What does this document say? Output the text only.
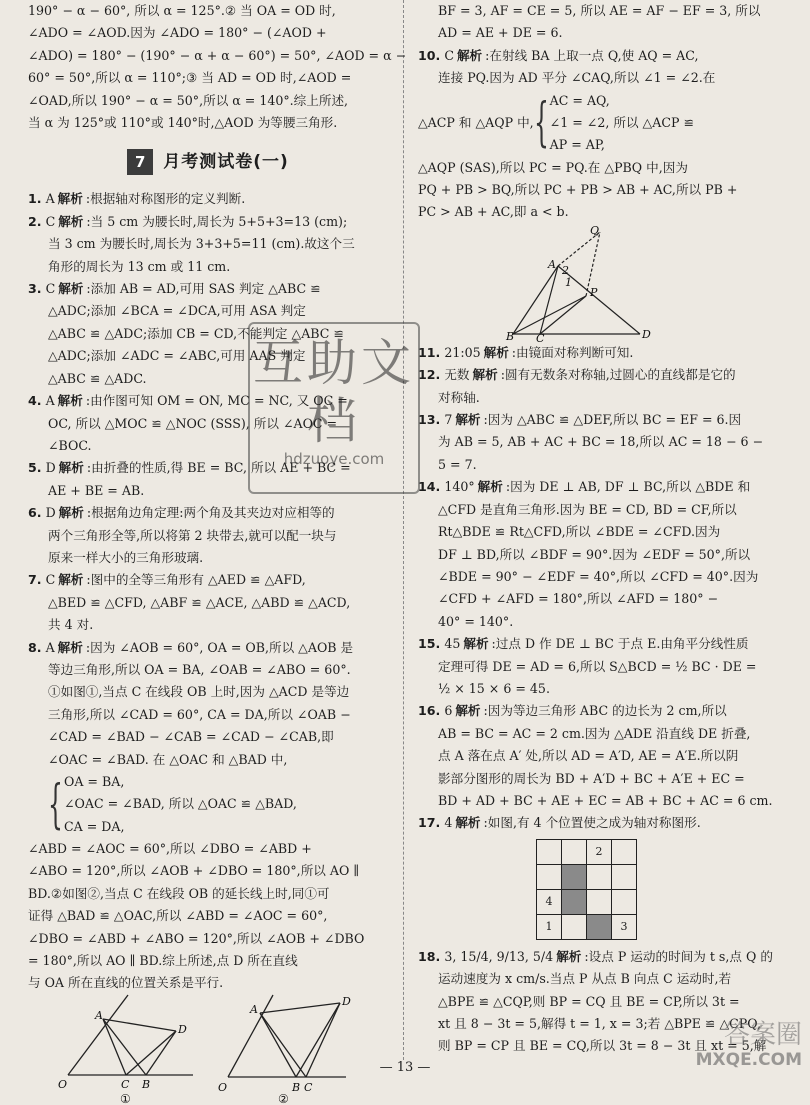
190° − α − 60°, 所以 α = 125°.② 当 OA = OD 时,
∠ADO = ∠AOD.因为 ∠ADO = 180° − (∠AOD +
∠ADO) = 180° − (190° − α + α − 60°) = 50°, ∠AOD = α −
60° = 50°,所以 α = 110°;③ 当 AD = OD 时,∠AOD =
∠OAD,所以 190° − α = 50°,所以 α = 140°.综上所述,
当 α 为 125°或 110°或 140°时,△AOD 为等腰三角形.
7	月考测试卷(一)
1. A 解析 :根据轴对称图形的定义判断.
2. C 解析 :当 5 cm 为腰长时,周长为 5+5+3=13 (cm);
当 3 cm 为腰长时,周长为 3+3+5=11 (cm).故这个三
角形的周长为 13 cm 或 11 cm.
3. C 解析 :添加 AB = AD,可用 SAS 判定 △ABC ≌
△ADC;添加 ∠BCA = ∠DCA,可用 ASA 判定
△ABC ≌ △ADC;添加 CB = CD,不能判定 △ABC ≌
△ADC;添加 ∠ADC = ∠ABC,可用 AAS 判定
△ABC ≌ △ADC.
4. A 解析 :由作图可知 OM = ON, MC = NC, 又 OC =
OC, 所以 △MOC ≌ △NOC (SSS), 所以 ∠AOC =
∠BOC.
5. D 解析 :由折叠的性质,得 BE = BC, 所以 AE + BC =
AE + BE = AB.
6. D 解析 :根据角边角定理:两个角及其夹边对应相等的
两个三角形全等,所以将第 2 块带去,就可以配一块与
原来一样大小的三角形玻璃.
7. C 解析 :图中的全等三角形有 △AED ≌ △AFD,
△BED ≌ △CFD, △ABF ≌ △ACE, △ABD ≌ △ACD,
共 4 对.
8. A 解析 :因为 ∠AOB = 60°, OA = OB,所以 △AOB 是
等边三角形,所以 OA = BA, ∠OAB = ∠ABO = 60°.
①如图①,当点 C 在线段 OB 上时,因为 △ACD 是等边
三角形,所以 ∠CAD = 60°, CA = DA,所以 ∠OAB −
∠CAD = ∠BAD − ∠CAB = ∠CAD − ∠CAB,即
∠OAC = ∠BAD. 在 △OAC 和 △BAD 中,
{ OA = BA,
∠OAC = ∠BAD, 所以 △OAC ≌ △BAD,
CA = DA,
∠ABD = ∠AOC = 60°,所以 ∠DBO = ∠ABD +
∠ABO = 120°,所以 ∠AOB + ∠DBO = 180°,所以 AO ∥
BD.②如图②,当点 C 在线段 OB 的延长线上时,同①可
证得 △BAD ≌ △OAC,所以 ∠ABD = ∠AOC = 60°,
∠DBO = ∠ABD + ∠ABO = 120°,所以 ∠AOB + ∠DBO
= 180°,所以 AO ∥ BD.综上所述,点 D 所在直线
与 OA 所在直线的位置关系是平行.
A
D
O	C B
A
D
O	B C
①	②
BF = 3, AF = CE = 5, 所以 AE = AF − EF = 3, 所以
AD = AE + DE = 6.
10. C 解析 :在射线 BA 上取一点 Q,使 AQ = AC,
连接 PQ.因为 AD 平分 ∠CAQ,所以 ∠1 = ∠2.在
△ACP 和 △AQP 中, { AC = AQ,
∠1 = ∠2, 所以 △ACP ≌
AP = AP,
△AQP (SAS),所以 PC = PQ.在 △PBQ 中,因为
PQ + PB > BQ,所以 PC + PB > AB + AC,所以 PB +
PC > AB + AC,即 a < b.
Q
A
1
2
P
B C	D
11. 21:05 解析 :由镜面对称判断可知.
12. 无数 解析 :圆有无数条对称轴,过圆心的直线都是它的
对称轴.
13. 7 解析 :因为 △ABC ≌ △DEF,所以 BC = EF = 6.因
为 AB = 5, AB + AC + BC = 18,所以 AC = 18 − 6 −
5 = 7.
14. 140° 解析 :因为 DE ⊥ AB, DF ⊥ BC,所以 △BDE 和
△CFD 是直角三角形.因为 BE = CD, BD = CF,所以
Rt△BDE ≌ Rt△CFD,所以 ∠BDE = ∠CFD.因为
DF ⊥ BD,所以 ∠BDF = 90°.因为 ∠EDF = 50°,所以
∠BDE = 90° − ∠EDF = 40°,所以 ∠CFD = 40°.因为
∠CFD + ∠AFD = 180°,所以 ∠AFD = 180° −
40° = 140°.
15. 45 解析 :过点 D 作 DE ⊥ BC 于点 E.由角平分线性质
定理可得 DE = AD = 6,所以 S△BCD = ½ BC · DE =
½ × 15 × 6 = 45.
16. 6 解析 :因为等边三角形 ABC 的边长为 2 cm,所以
AB = BC = AC = 2 cm.因为 △ADE 沿直线 DE 折叠,
点 A 落在点 A′ 处,所以 AD = A′D, AE = A′E.所以阴
影部分图形的周长为 BD + A′D + BC + A′E + EC =
BD + AD + BC + AE + EC = AB + BC + AC = 6 cm.
17. 4 解析 :如图,有 4 个位置使之成为轴对称图形.
		2	

4			
1			3
18. 3, 15/4, 9/13, 5/4 解析 :设点 P 运动的时间为 t s,点 Q 的
运动速度为 x cm/s.当点 P 从点 B 向点 C 运动时,若
△BPE ≌ △CQP,则 BP = CQ 且 BE = CP,所以 3t =
xt 且 8 − 3t = 5,解得 t = 1, x = 3;若 △BPE ≌ △CPQ,
则 BP = CP 且 BE = CQ,所以 3t = 8 − 3t 且 xt = 5,解
— 13 —
互助文档
hdzuoye.com
答案圈
MXQE.COM
